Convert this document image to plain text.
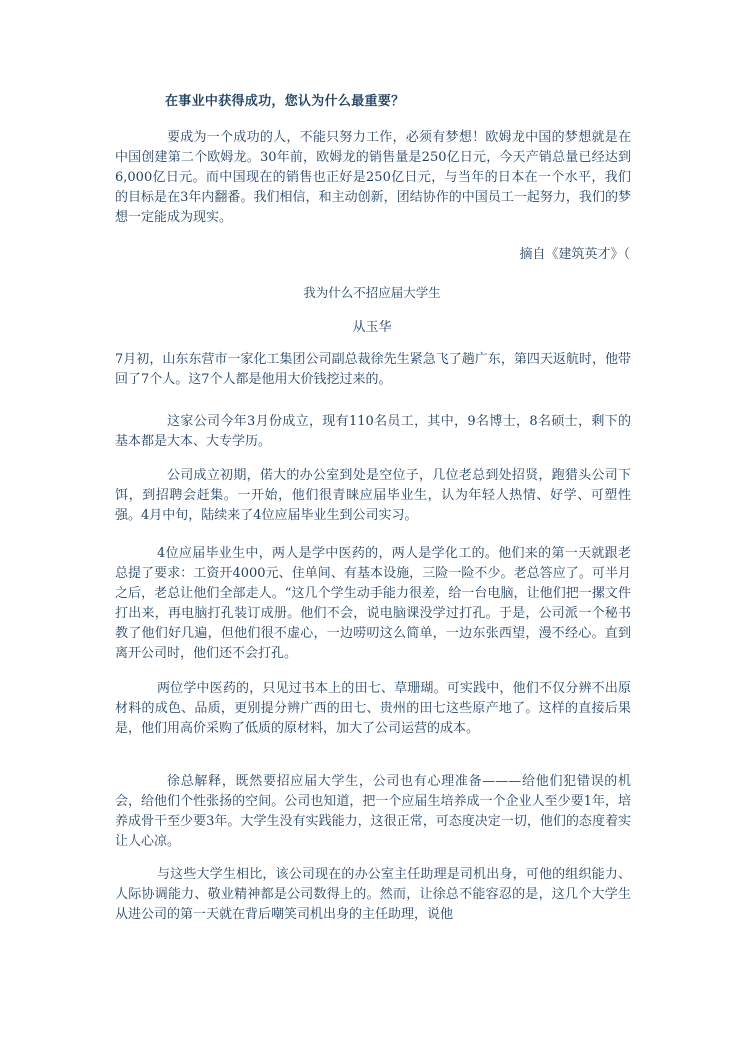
在事业中获得成功，您认为什么最重要？

要成为一个成功的人，不能只努力工作，必须有梦想！欧姆龙中国的梦想就是在中国创建第二个欧姆龙。30年前，欧姆龙的销售量是250亿日元，今天产销总量已经达到6,000亿日元。而中国现在的销售也正好是250亿日元，与当年的日本在一个水平，我们的目标是在3年内翻番。我们相信，和主动创新，团结协作的中国员工一起努力，我们的梦想一定能成为现实。

摘自《建筑英才》（
我为什么不招应届大学生
从玉华

7月初，山东东营市一家化工集团公司副总裁徐先生紧急飞了趟广东，第四天返航时，他带回了7个人。这7个人都是他用大价钱挖过来的。

这家公司今年3月份成立，现有110名员工，其中，9名博士，8名硕士，剩下的基本都是大本、大专学历。

公司成立初期，偌大的办公室到处是空位子，几位老总到处招贤，跑猎头公司下饵，到招聘会赶集。一开始，他们很青睐应届毕业生，认为年轻人热情、好学、可塑性强。4月中旬，陆续来了4位应届毕业生到公司实习。

4位应届毕业生中，两人是学中医药的，两人是学化工的。他们来的第一天就跟老总提了要求：工资开4000元、住单间、有基本设施，三险一险不少。老总答应了。可半月之后，老总让他们全部走人。“这几个学生动手能力很差，给一台电脑，让他们把一摞文件打出来，再电脑打孔装订成册。他们不会，说电脑课没学过打孔。于是，公司派一个秘书教了他们好几遍，但他们很不虚心，一边唠叨这么简单，一边东张西望，漫不经心。直到离开公司时，他们还不会打孔。

两位学中医药的，只见过书本上的田七、草珊瑚。可实践中，他们不仅分辨不出原材料的成色、品质，更别提分辨广西的田七、贵州的田七这些原产地了。这样的直接后果是，他们用高价采购了低质的原材料，加大了公司运营的成本。

徐总解释，既然要招应届大学生，公司也有心理准备———给他们犯错误的机会，给他们个性张扬的空间。公司也知道，把一个应届生培养成一个企业人至少要1年，培养成骨干至少要3年。大学生没有实践能力，这很正常，可态度决定一切，他们的态度着实让人心凉。

与这些大学生相比，该公司现在的办公室主任助理是司机出身，可他的组织能力、人际协调能力、敬业精神都是公司数得上的。然而，让徐总不能容忍的是，这几个大学生从进公司的第一天就在背后嘲笑司机出身的主任助理，说他
